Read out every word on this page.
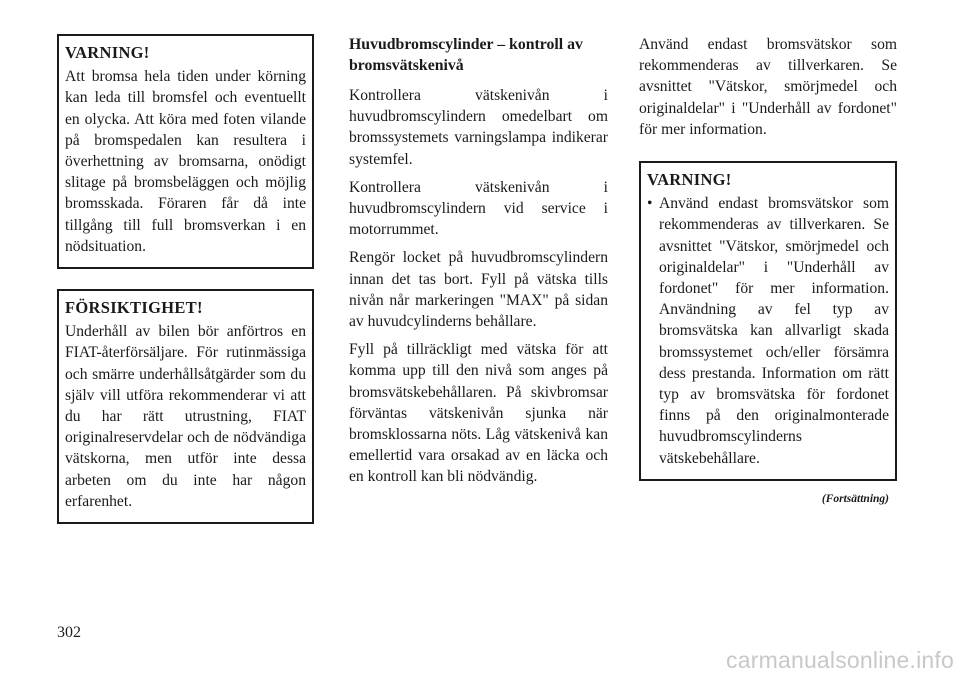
VARNING!

Att bromsa hela tiden under körning kan leda till bromsfel och eventuellt en olycka. Att köra med foten vilande på bromspedalen kan resultera i överhettning av bromsarna, onödigt slitage på bromsbeläggen och möjlig bromsskada. Föraren får då inte tillgång till full bromsverkan i en nödsituation.

FÖRSIKTIGHET!

Underhåll av bilen bör anförtros en FIAT-återförsäljare. För rutinmässiga och smärre underhållsåtgärder som du själv vill utföra rekommenderar vi att du har rätt utrustning, FIAT originalreservdelar och de nödvändiga vätskorna, men utför inte dessa arbeten om du inte har någon erfarenhet.

Huvudbromscylinder – kontroll av bromsvätskenivå

Kontrollera vätskenivån i huvudbromscylindern omedelbart om bromssystemets varningslampa indikerar systemfel.

Kontrollera vätskenivån i huvudbromscylindern vid service i motorrummet.

Rengör locket på huvudbromscylindern innan det tas bort. Fyll på vätska tills nivån når markeringen "MAX" på sidan av huvudcylinderns behållare.

Fyll på tillräckligt med vätska för att komma upp till den nivå som anges på bromsvätskebehållaren. På skivbromsar förväntas vätskenivån sjunka när bromsklossarna nöts. Låg vätskenivå kan emellertid vara orsakad av en läcka och en kontroll kan bli nödvändig.

Använd endast bromsvätskor som rekommenderas av tillverkaren. Se avsnittet "Vätskor, smörjmedel och originaldelar" i "Underhåll av fordonet" för mer information.

VARNING!
• Använd endast bromsvätskor som rekommenderas av tillverkaren. Se avsnittet "Vätskor, smörjmedel och originaldelar" i "Underhåll av fordonet" för mer information. Användning av fel typ av bromsvätska kan allvarligt skada bromssystemet och/eller försämra dess prestanda. Information om rätt typ av bromsvätska för fordonet finns på den originalmonterade huvudbromscylinderns vätskebehållare.
(Fortsättning)
302
carmanualsonline.info
